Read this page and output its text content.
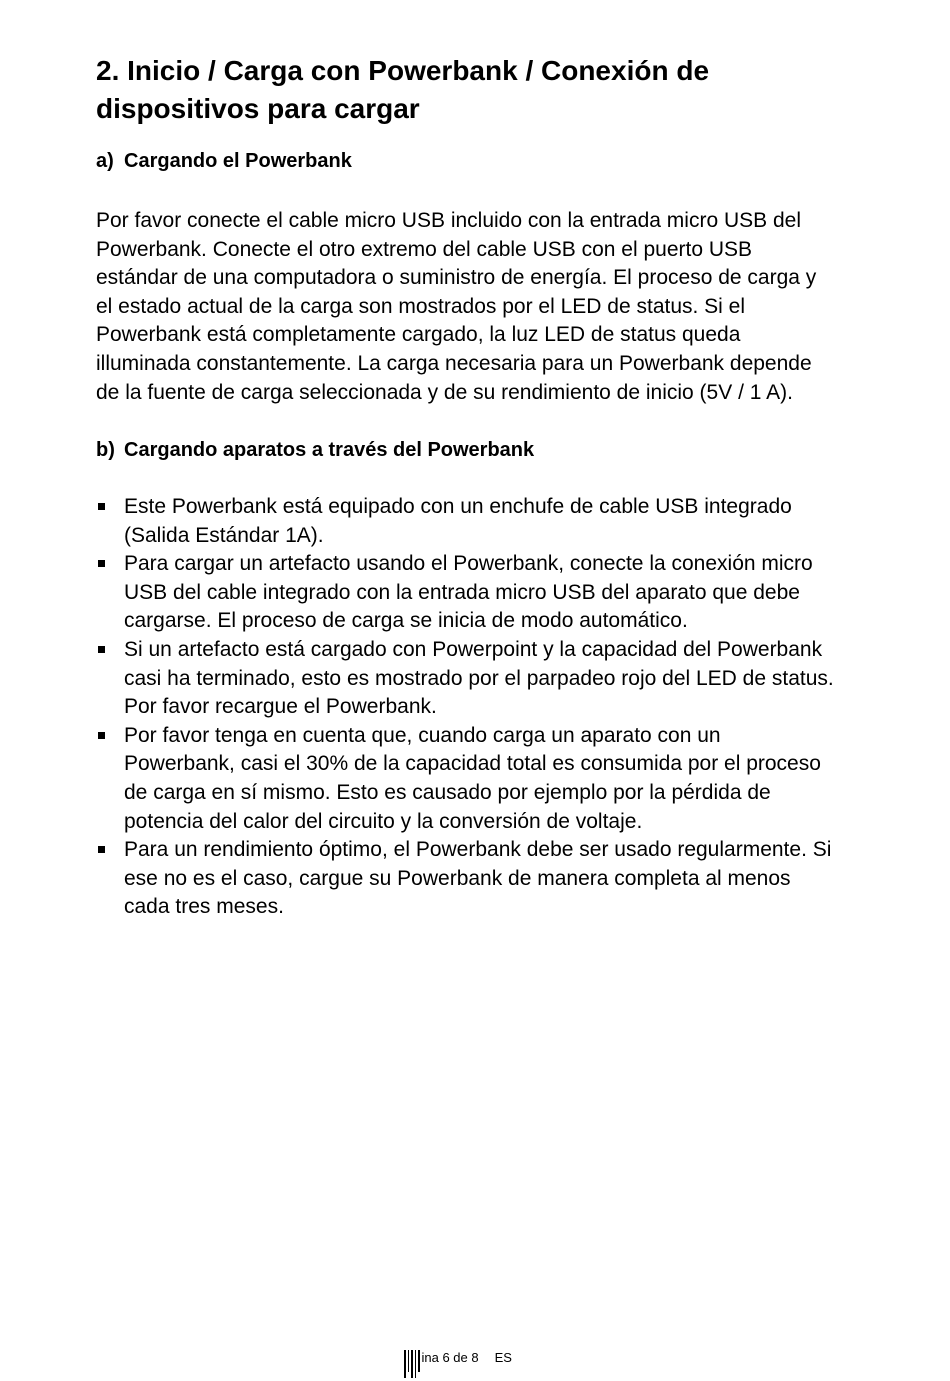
2. Inicio / Carga con Powerbank / Conexión de dispositivos para cargar
a) Cargando el Powerbank
Por favor conecte el cable micro USB incluido con la entrada micro USB del Powerbank. Conecte el otro extremo del cable USB con el puerto USB estándar de una computadora o suministro de energía. El proceso de carga y el estado actual de la carga son mostrados por el LED de status. Si el Powerbank está completamente cargado, la luz LED de status queda illuminada constantemente. La carga necesaria para un Powerbank depende de la fuente de carga seleccionada y de su rendimiento de inicio (5V / 1 A).
b) Cargando aparatos a través del Powerbank
Este Powerbank está equipado con un enchufe de cable USB integrado (Salida Estándar 1A).
Para cargar un artefacto usando el Powerbank, conecte la conexión micro USB del cable integrado con la entrada micro USB del aparato que debe cargarse. El proceso de carga se inicia de modo automático.
Si un artefacto está cargado con Powerpoint y la capacidad del Powerbank casi ha terminado, esto es mostrado por el parpadeo rojo del LED de status. Por favor recargue el Powerbank.
Por favor tenga en cuenta que, cuando carga un aparato con un Powerbank, casi el 30% de la capacidad total es consumida por el proceso de carga en sí mismo. Esto es causado por ejemplo por la pérdida de potencia del calor del circuito y la conversión de voltaje.
Para un rendimiento óptimo, el Powerbank debe ser usado regularmente. Si ese no es el caso, cargue su Powerbank de manera completa al menos cada tres meses.
ina 6 de 8 ES
